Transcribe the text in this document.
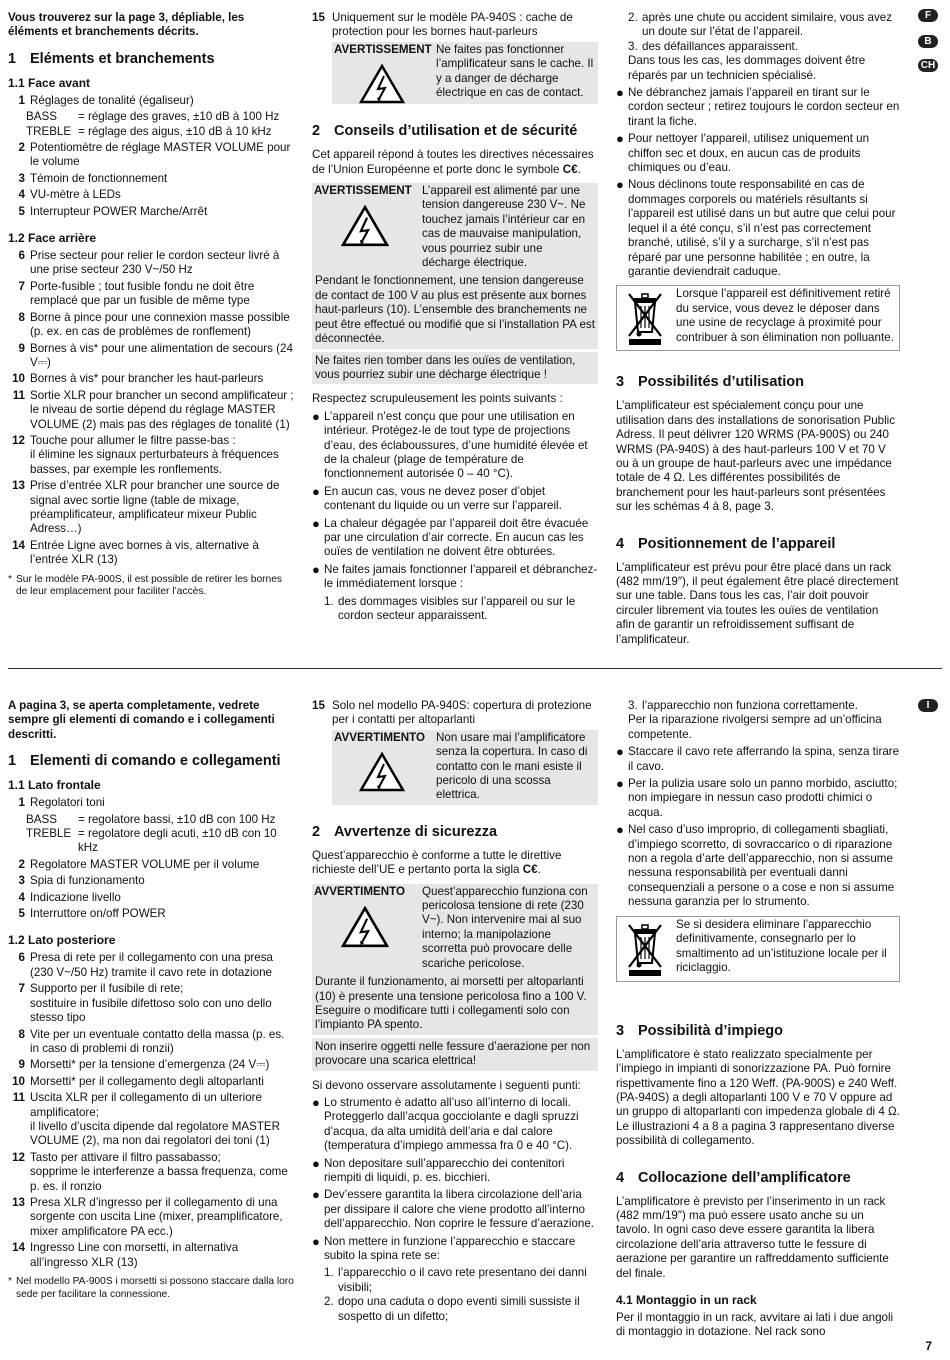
Vous trouverez sur la page 3, dépliable, les éléments et branchements décrits.

1 Eléments et branchements
1.1 Face avant
1 Réglages de tonalité (égaliseur)
BASS	= réglage des graves, ±10 dB à 100 Hz
TREBLE = réglage des aigus, ±10 dB à 10 kHz
2 Potentiomètre de réglage MASTER VOLUME pour le volume
3 Témoin de fonctionnement
4 VU-mètre à LEDs
5 Interrupteur POWER Marche/Arrêt
1.2 Face arrière
6 Prise secteur pour relier le cordon secteur livré à une prise secteur 230 V~/50 Hz
7 Porte-fusible ; tout fusible fondu ne doit être remplacé que par un fusible de même type
8 Borne à pince pour une connexion masse possible (p. ex. en cas de problèmes de ronflement)
9 Bornes à vis* pour une alimentation de secours (24 V⎓)
10 Bornes à vis* pour brancher les haut-parleurs
11 Sortie XLR pour brancher un second amplificateur ; le niveau de sortie dépend du réglage MASTER VOLUME (2) mais pas des réglages de tonalité (1)
12 Touche pour allumer le filtre passe-bas :
il élimine les signaux perturbateurs à fréquences basses, par exemple les ronflements.
13 Prise d’entrée XLR pour brancher une source de signal avec sortie ligne (table de mixage, préamplificateur, amplificateur mixeur Public Adress…)
14 Entrée Ligne avec bornes à vis, alternative à l’entrée XLR (13)

* Sur le modèle PA-900S, il est possible de retirer les bornes de leur emplacement pour faciliter l’accès.

15 Uniquement sur le modèle PA-940S : cache de protection pour les bornes haut-parleurs
AVERTISSEMENT Ne faites pas fonctionner l’amplificateur sans le cache. Il y a danger de décharge électrique en cas de contact.
2 Conseils d’utilisation et de sécurité

Cet appareil répond à toutes les directives nécessaires de l’Union Européenne et porte donc le symbole C€.

AVERTISSEMENT L’appareil est alimenté par une tension dangereuse 230 V~. Ne touchez jamais l’intérieur car en cas de mauvaise manipulation, vous pourriez subir une décharge électrique.

Pendant le fonctionnement, une tension dangereuse de contact de 100 V au plus est présente aux bornes haut-parleurs (10). L’ensemble des branchements ne peut être effectué ou modifié que si l’installation PA est déconnectée.

Ne faites rien tomber dans les ouïes de ventilation, vous pourriez subir une décharge électrique !

Respectez scrupuleusement les points suivants :

● L’appareil n’est conçu que pour une utilisation en intérieur. Protégez-le de tout type de projections d’eau, des éclaboussures, d’une humidité élevée et de la chaleur (plage de température de fonctionnement autorisée 0 – 40 °C).
● En aucun cas, vous ne devez poser d’objet contenant du liquide ou un verre sur l’appareil.
● La chaleur dégagée par l’appareil doit être évacuée par une circulation d’air correcte. En aucun cas les ouïes de ventilation ne doivent être obturées.
● Ne faites jamais fonctionner l’appareil et débranchez-le immédiatement lorsque :
1. des dommages visibles sur l’appareil ou sur le cordon secteur apparaissent.
2. après une chute ou accident similaire, vous avez un doute sur l’état de l’appareil.
3. des défaillances apparaissent.

Dans tous les cas, les dommages doivent être réparés par un technicien spécialisé.

● Ne débranchez jamais l’appareil en tirant sur le cordon secteur ; retirez toujours le cordon secteur en tirant la fiche.
● Pour nettoyer l’appareil, utilisez uniquement un chiffon sec et doux, en aucun cas de produits chimiques ou d’eau.
● Nous déclinons toute responsabilité en cas de dommages corporels ou matériels résultants si l’appareil est utilisé dans un but autre que celui pour lequel il a été conçu, s’il n’est pas correctement branché, utilisé, s’il y a surcharge, s’il n’est pas réparé par une personne habilitée ; en outre, la garantie deviendrait caduque.
Lorsque l’appareil est définitivement retiré du service, vous devez le déposer dans une usine de recyclage à proximité pour contribuer à son élimination non polluante.
3 Possibilités d’utilisation

L’amplificateur est spécialement conçu pour une utilisation dans des installations de sonorisation Public Adress. Il peut délivrer 120 WRMS (PA-900S) ou 240 WRMS (PA-940S) à des haut-parleurs 100 V et 70 V ou à un groupe de haut-parleurs avec une impédance totale de 4 Ω. Les différentes possibilités de branchement pour les haut-parleurs sont présentées sur les schémas 4 à 8, page 3.

4 Positionnement de l’appareil

L’amplificateur est prévu pour être placé dans un rack (482 mm/19″), il peut également être placé directement sur une table. Dans tous les cas, l’air doit pouvoir circuler librement via toutes les ouïes de ventilation afin de garantir un refroidissement suffisant de l’amplificateur.

F
B
CH

A pagina 3, se aperta completamente, vedrete sempre gli elementi di comando e i collegamenti descritti.

1 Elementi di comando e collegamenti
1.1 Lato frontale
1 Regolatori toni
BASS	= regolatore bassi, ±10 dB con 100 Hz
TREBLE = regolatore degli acuti, ±10 dB con 10 kHz
2 Regolatore MASTER VOLUME per il volume
3 Spia di funzionamento
4 Indicazione livello
5 Interruttore on/off POWER
1.2 Lato posteriore
6 Presa di rete per il collegamento con una presa (230 V~/50 Hz) tramite il cavo rete in dotazione
7 Supporto per il fusibile di rete;
sostituire in fusibile difettoso solo con uno dello stesso tipo
8 Vite per un eventuale contatto della massa (p. es. in caso di problemi di ronzii)
9 Morsetti* per la tensione d’emergenza (24 V⎓)
10 Morsetti* per il collegamento degli altoparlanti
11 Uscita XLR per il collegamento di un ulteriore amplificatore;
il livello d’uscita dipende dal regolatore MASTER VOLUME (2), ma non dai regolatori dei toni (1)
12 Tasto per attivare il filtro passabasso;
sopprime le interferenze a bassa frequenza, come p. es. il ronzio
13 Presa XLR d’ingresso per il collegamento di una sorgente con uscita Line (mixer, preamplificatore, mixer amplificatore PA ecc.)
14 Ingresso Line con morsetti, in alternativa all’ingresso XLR (13)

* Nel modello PA-900S i morsetti si possono staccare dalla loro sede per facilitare la connessione.

15 Solo nel modello PA-940S: copertura di protezione per i contatti per altoparlanti
AVVERTIMENTO Non usare mai l’amplificatore senza la copertura. In caso di contatto con le mani esiste il pericolo di una scossa elettrica.
2 Avvertenze di sicurezza

Quest’apparecchio è conforme a tutte le direttive richieste dell’UE e pertanto porta la sigla C€.

AVVERTIMENTO	Quest’apparecchio funziona con pericolosa tensione di rete (230 V~). Non intervenire mai al suo interno; la manipolazione scorretta può provocare delle scariche pericolose.

Durante il funzionamento, ai morsetti per altoparlanti (10) è presente una tensione pericolosa fino a 100 V. Eseguire o modificare tutti i collegamenti solo con l’impianto PA spento.

Non inserire oggetti nelle fessure d’aerazione per non provocare una scarica elettrica!

Si devono osservare assolutamente i seguenti punti:

● Lo strumento è adatto all’uso all’interno di locali. Proteggerlo dall’acqua gocciolante e dagli spruzzi d’acqua, da alta umidità dell’aria e dal calore (temperatura d’impiego ammessa fra 0 e 40 °C).
● Non depositare sull’apparecchio dei contenitori riempiti di liquidi, p. es. bicchieri.
● Dev’essere garantita la libera circolazione dell’aria per dissipare il calore che viene prodotto all’interno dell’apparecchio. Non coprire le fessure d’aerazione.
● Non mettere in funzione l’apparecchio e staccare subito la spina rete se:
1. l’apparecchio o il cavo rete presentano dei danni visibili;
2. dopo una caduta o dopo eventi simili sussiste il sospetto di un difetto;
3. l’apparecchio non funziona correttamente.

Per la riparazione rivolgersi sempre ad un’officina competente.

● Staccare il cavo rete afferrando la spina, senza tirare il cavo.
● Per la pulizia usare solo un panno morbido, asciutto; non impiegare in nessun caso prodotti chimici o acqua.
● Nel caso d’uso improprio, di collegamenti sbagliati, d’impiego scorretto, di sovraccarico o di riparazione non a regola d’arte dell’apparecchio, non si assume nessuna responsabilità per eventuali danni consequenziali a persone o a cose e non si assume nessuna garanzia per lo strumento.
Se si desidera eliminare l’apparecchio definitivamente, consegnarlo per lo smaltimento ad un’istituzione locale per il riciclaggio.
3 Possibilità d’impiego

L’amplificatore è stato realizzato specialmente per l’impiego in impianti di sonorizzazione PA. Può fornire rispettivamente fino a 120 Weff. (PA-900S) e 240 Weff. (PA-940S) a degli altoparlanti 100 V e 70 V oppure ad un gruppo di altoparlanti con impedenza globale di 4 Ω. Le illustrazioni 4 a 8 a pagina 3 rappresentano diverse possibilità di collegamento.

4 Collocazione dell’amplificatore

L’amplificatore è previsto per l’inserimento in un rack (482 mm/19″) ma può essere usato anche su un tavolo. In ogni caso deve essere garantita la libera circolazione dell’aria attraverso tutte le fessure di aerazione per garantire un raffreddamento sufficiente del finale.

4.1 Montaggio in un rack

Per il montaggio in un rack, avvitare ai lati i due angoli di montaggio in dotazione. Nel rack sono

I
7
